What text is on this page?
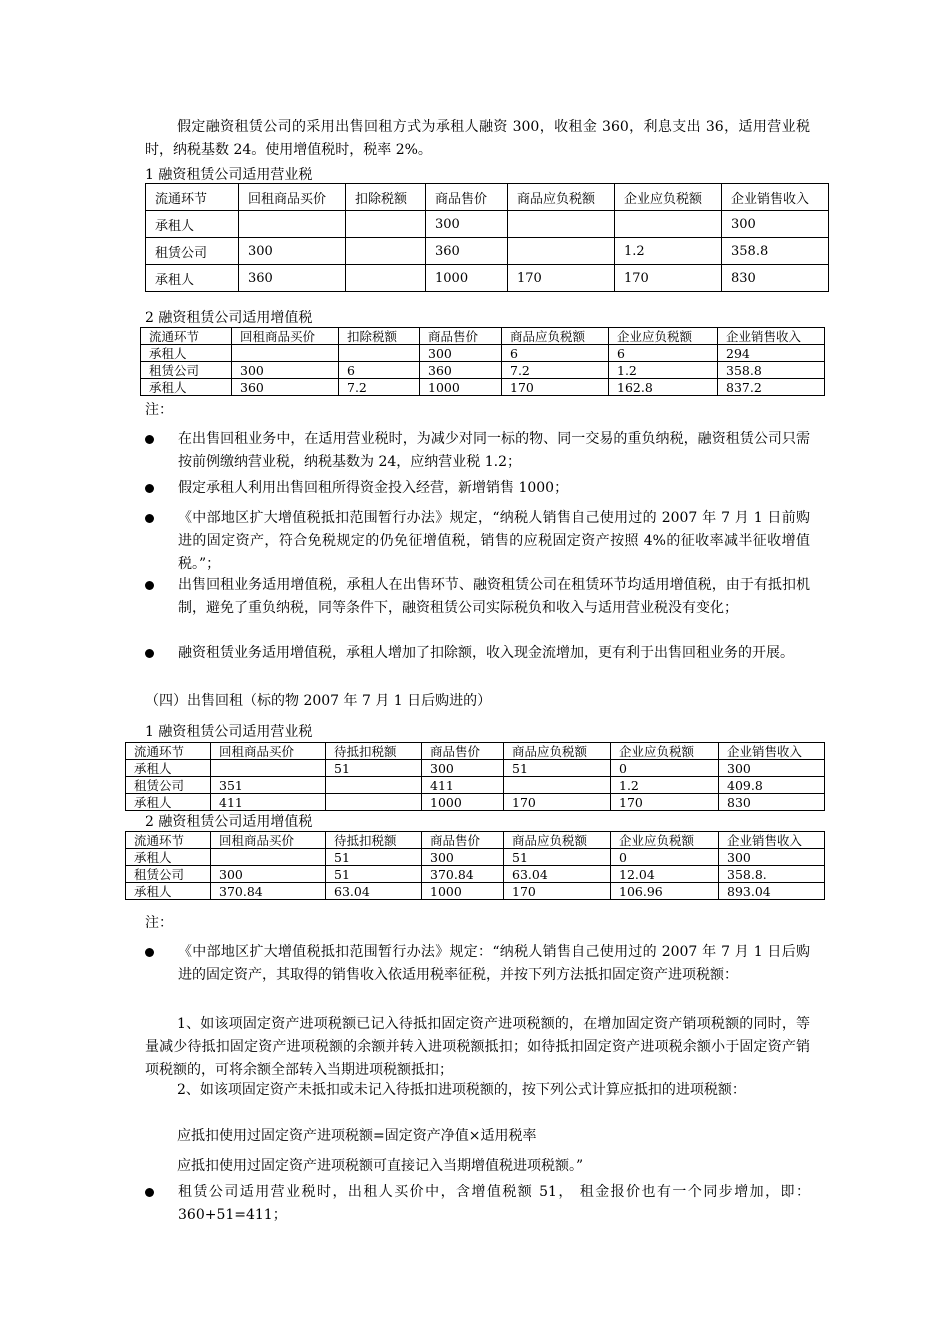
假定融资租赁公司的采用出售回租方式为承租人融资 300，收租金 360，利息支出 36，适用营业税时，纳税基数 24。使用增值税时，税率 2%。

1 融资租赁公司适用营业税
流通环节	回租商品买价	扣除税额	商品售价	商品应负税额	企业应负税额	企业销售收入
承租人			300			300
租赁公司	300		360		1.2	358.8
承租人	360		1000	170	170	830
2 融资租赁公司适用增值税
流通环节	回租商品买价	扣除税额	商品售价	商品应负税额	企业应负税额	企业销售收入
承租人			300	6	6	294
租赁公司	300	6	360	7.2	1.2	358.8
承租人	360	7.2	1000	170	162.8	837.2
注：
在出售回租业务中，在适用营业税时，为减少对同一标的物、同一交易的重负纳税，融资租赁公司只需按前例缴纳营业税，纳税基数为 24，应纳营业税 1.2；
假定承租人利用出售回租所得资金投入经营，新增销售 1000；
《中部地区扩大增值税抵扣范围暂行办法》规定，“纳税人销售自己使用过的 2007 年 7 月 1 日前购进的固定资产，符合免税规定的仍免征增值税，销售的应税固定资产按照 4%的征收率减半征收增值税。”；
出售回租业务适用增值税，承租人在出售环节、融资租赁公司在租赁环节均适用增值税，由于有抵扣机制，避免了重负纳税，同等条件下，融资租赁公司实际税负和收入与适用营业税没有变化；
融资租赁业务适用增值税，承租人增加了扣除额，收入现金流增加，更有利于出售回租业务的开展。
（四）出售回租（标的物 2007 年 7 月 1 日后购进的）
1 融资租赁公司适用营业税
流通环节	回租商品买价	待抵扣税额	商品售价	商品应负税额	企业应负税额	企业销售收入
承租人		51	300	51	0	300
租赁公司	351		411		1.2	409.8
承租人	411		1000	170	170	830
2 融资租赁公司适用增值税
流通环节	回租商品买价	待抵扣税额	商品售价	商品应负税额	企业应负税额	企业销售收入
承租人		51	300	51	0	300
租赁公司	300	51	370.84	63.04	12.04	358.8.
承租人	370.84	63.04	1000	170	106.96	893.04
注：
《中部地区扩大增值税抵扣范围暂行办法》规定：“纳税人销售自己使用过的 2007 年 7 月 1 日后购进的固定资产，其取得的销售收入依适用税率征税，并按下列方法抵扣固定资产进项税额：

1、如该项固定资产进项税额已记入待抵扣固定资产进项税额的，在增加固定资产销项税额的同时，等量减少待抵扣固定资产进项税额的余额并转入进项税额抵扣；如待抵扣固定资产进项税余额小于固定资产销项税额的，可将余额全部转入当期进项税额抵扣；

2、如该项固定资产未抵扣或未记入待抵扣进项税额的，按下列公式计算应抵扣的进项税额：

应抵扣使用过固定资产进项税额=固定资产净值×适用税率
应抵扣使用过固定资产进项税额可直接记入当期增值税进项税额。”
租赁公司适用营业税时，出租人买价中，含增值税额 51， 租金报价也有一个同步增加，即：360+51=411；
